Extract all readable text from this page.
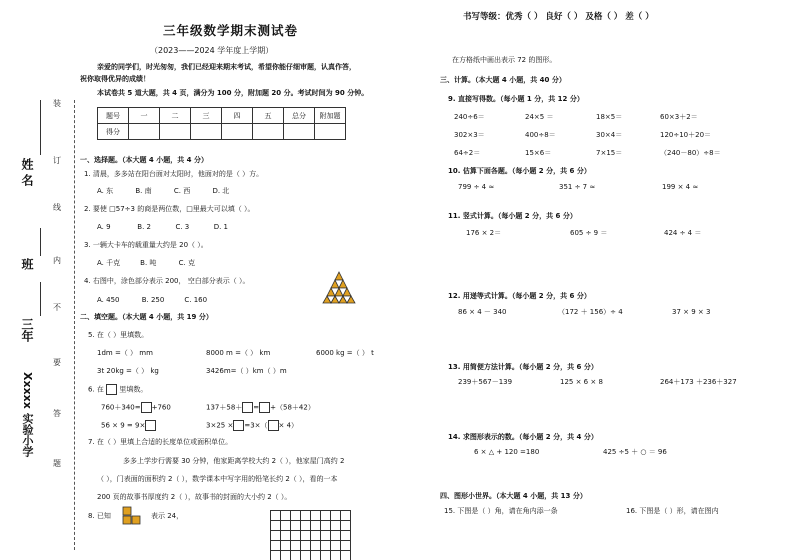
三年级数学期末测试卷
（2023——2024 学年度上学期）
书写等级：优秀（ ） 良好（ ） 及格（ ） 差（ ）
姓 名
班
三年
Xxxxx 实验小学
装
订
线
内
不
要
答
题
亲爱的同学们，时光匆匆，我们已经迎来期末考试，希望你能仔细审题，认真作答，
祝你取得优异的成绩！
本试卷共 5 道大题，共 4 页，满分为 100 分，附加题 20 分。考试时间为 90 分钟。
题号	一	二	三	四	五	总分	附加题
得分							
一、选择题。（本大题 4 小题，共 4 分）
1. 清晨，多多站在阳台面对太阳时，他面对的是（ ）方。
A. 东          B. 南          C. 西          D. 北
2. 要使 □57÷3 的商是两位数，□里最大可以填（ ）。
A. 9            B. 2           C. 3           D. 1
3. 一辆大卡车的载重量大约是 20（ ）。
A. 千克         B. 吨          C. 克
4. 右图中，涂色部分表示 200， 空白部分表示（ ）。
A. 450          B. 250         C. 160
二、填空题。（本大题 4 小题，共 19 分）
5. 在（ ）里填数。
1dm =（ ） mm	8000 m =（ ） km	6000 kg =（ ） t
3t 20kg =（ ） kg	3426m=（ ）km（ ）m
6. 在 里填数。
760＋340= +760	137＋58＋ = +（58＋42）
56 × 9 = 9×	3×25 × =3×（ × 4）
7. 在（ ）里填上合适的长度单位或面积单位。
多多上学步行需要 30 分钟，他家距离学校大约 2（ ），他家屋门高约 2
（ ），门表面的面积约 2（ ），数学课本中写字用的铅笔长约 2（ ），看的一本
200 页的故事书厚度约 2（ ），故事书的封面的大小约 2（ ）。
8. 已知	表示 24，
在方格纸中画出表示 72 的图形。
三、计算。（本大题 4 小题，共 40 分）
9. 直接写得数。（每小题 1 分，共 12 分）
240÷6＝	24×5 ＝	18×5＝	60×3＋2＝
302×3＝	400÷8＝	30×4＝	120÷10＋20＝
64÷2＝	15×6＝	7×15＝	（240－80）÷8＝
10. 估算下面各题。（每小题 2 分，共 6 分）
799 ÷ 4 ≈	351 ÷ 7 ≈	199 × 4 ≈
11. 竖式计算。（每小题 2 分，共 6 分）
176 × 2＝	605 ÷ 9 ＝	424 ÷ 4 ＝
12. 用递等式计算。（每小题 2 分，共 6 分）
86 × 4 － 340	（172 ＋ 156）÷ 4	37 × 9 × 3
13. 用简便方法计算。（每小题 2 分，共 6 分）
239＋567－139	125 × 6 × 8	264＋173 ＋236＋327
14. 求图形表示的数。（每小题 2 分，共 4 分）
6 × △ + 120 =180	425 ÷5 ＋ ○ ＝ 96
四、图形小世界。（本大题 4 小题，共 13 分）
15. 下图是（ ）角，请在角内添一条	16. 下图是（ ）形，请在图内
